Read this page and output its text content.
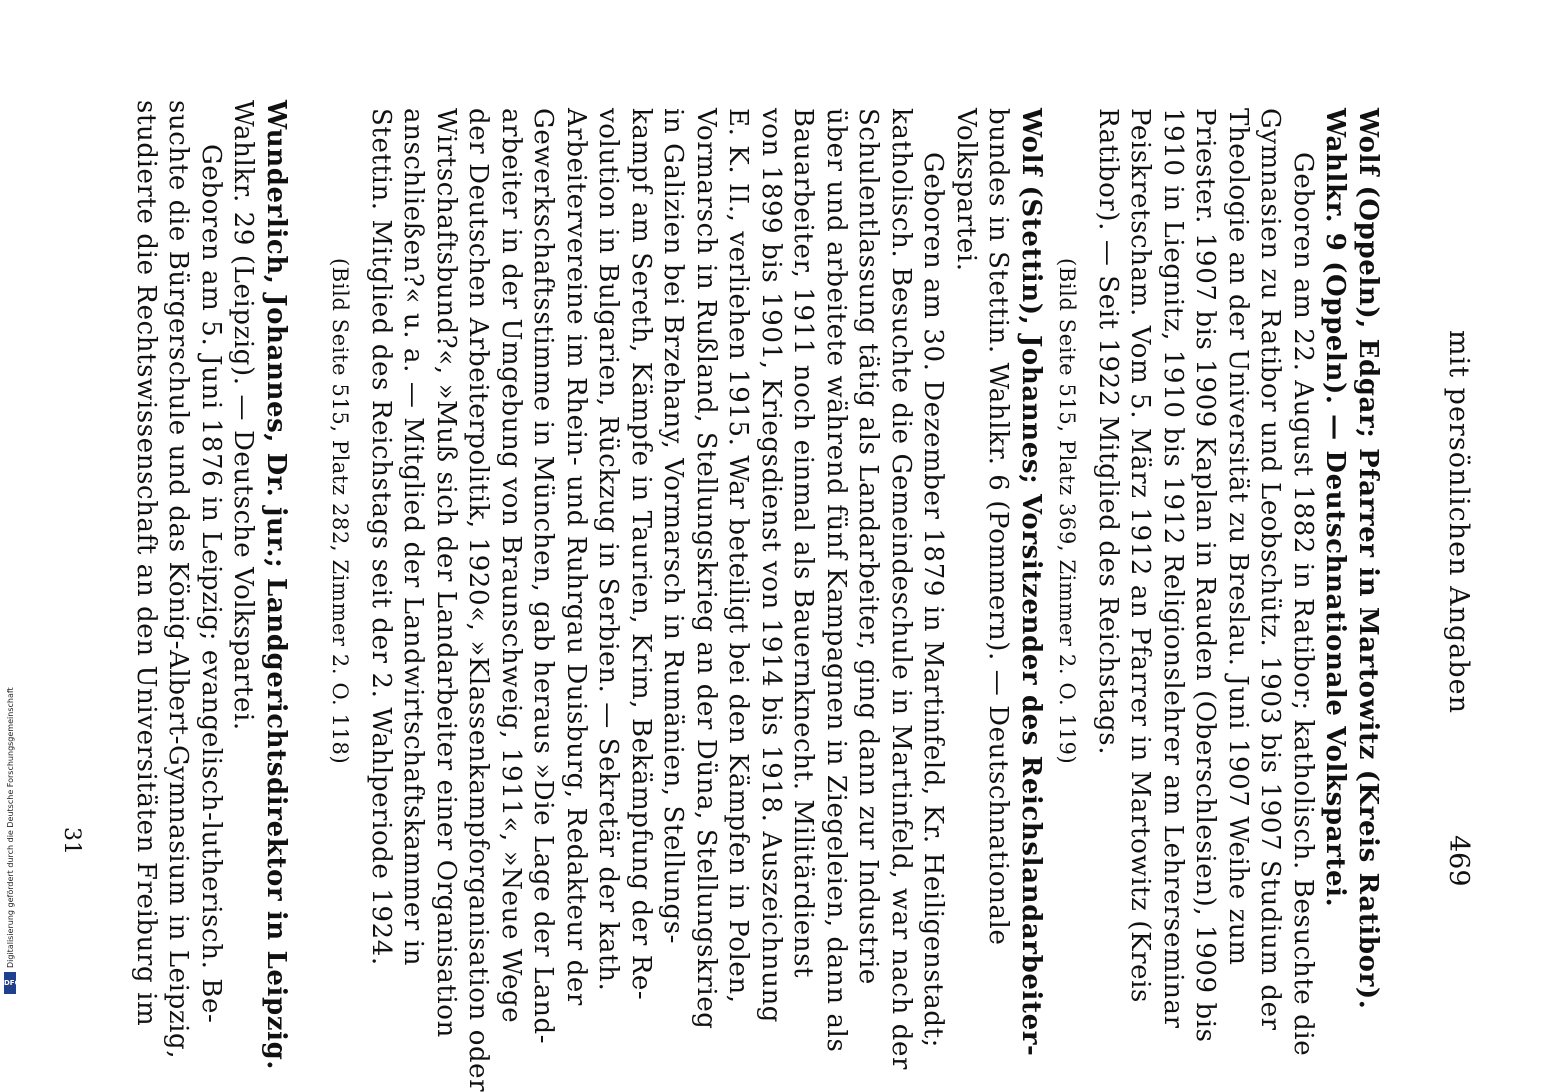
mit persönlichen Angaben
469
Wolf (Oppeln), Edgar; Pfarrer in Martowitz (Kreis Ratibor).
Wahlkr. 9 (Oppeln). — Deutschnationale Volkspartei.
Geboren am 22. August 1882 in Ratibor; katholisch. Besuchte die
Gymnasien zu Ratibor und Leobschütz. 1903 bis 1907 Studium der
Theologie an der Universität zu Breslau. Juni 1907 Weihe zum
Priester. 1907 bis 1909 Kaplan in Rauden (Oberschlesien), 1909 bis
1910 in Liegnitz, 1910 bis 1912 Religionslehrer am Lehrerseminar
Peiskretscham. Vom 5. März 1912 an Pfarrer in Martowitz (Kreis
Ratibor). — Seit 1922 Mitglied des Reichstags.
(Bild Seite 515, Platz 369, Zimmer 2. O. 119)
Wolf (Stettin), Johannes; Vorsitzender des Reichslandarbeiter-
bundes in Stettin. Wahlkr. 6 (Pommern). — Deutschnationale
Volkspartei.
Geboren am 30. Dezember 1879 in Martinfeld, Kr. Heiligenstadt;
katholisch. Besuchte die Gemeindeschule in Martinfeld, war nach der
Schulentlassung tätig als Landarbeiter, ging dann zur Industrie
über und arbeitete während fünf Kampagnen in Ziegeleien, dann als
Bauarbeiter, 1911 noch einmal als Bauernknecht. Militärdienst
von 1899 bis 1901, Kriegsdienst von 1914 bis 1918. Auszeichnung
E. K. II., verliehen 1915. War beteiligt bei den Kämpfen in Polen,
Vormarsch in Rußland, Stellungskrieg an der Düna, Stellungskrieg
in Galizien bei Brzehany, Vormarsch in Rumänien, Stellungs-
kampf am Sereth, Kämpfe in Taurien, Krim, Bekämpfung der Re-
volution in Bulgarien, Rückzug in Serbien. — Sekretär der kath.
Arbeitervereine im Rhein- und Ruhrgau Duisburg, Redakteur der
Gewerkschaftsstimme in München, gab heraus »Die Lage der Land-
arbeiter in der Umgebung von Braunschweig, 1911«, »Neue Wege
der Deutschen Arbeiterpolitik, 1920«, »Klassenkampforganisation oder
Wirtschaftsbund?«, »Muß sich der Landarbeiter einer Organisation
anschließen?« u. a. — Mitglied der Landwirtschaftskammer in
Stettin. Mitglied des Reichstags seit der 2. Wahlperiode 1924.
(Bild Seite 515, Platz 282, Zimmer 2. O. 118)
Wunderlich, Johannes, Dr. jur.; Landgerichtsdirektor in Leipzig.
Wahlkr. 29 (Leipzig). — Deutsche Volkspartei.
Geboren am 5. Juni 1876 in Leipzig; evangelisch-lutherisch. Be-
suchte die Bürgerschule und das König-Albert-Gymnasium in Leipzig,
studierte die Rechtswissenschaft an den Universitäten Freiburg im
31
Digitalisierung gefördert durch die Deutsche Forschungsgemeinschaft
DFG
